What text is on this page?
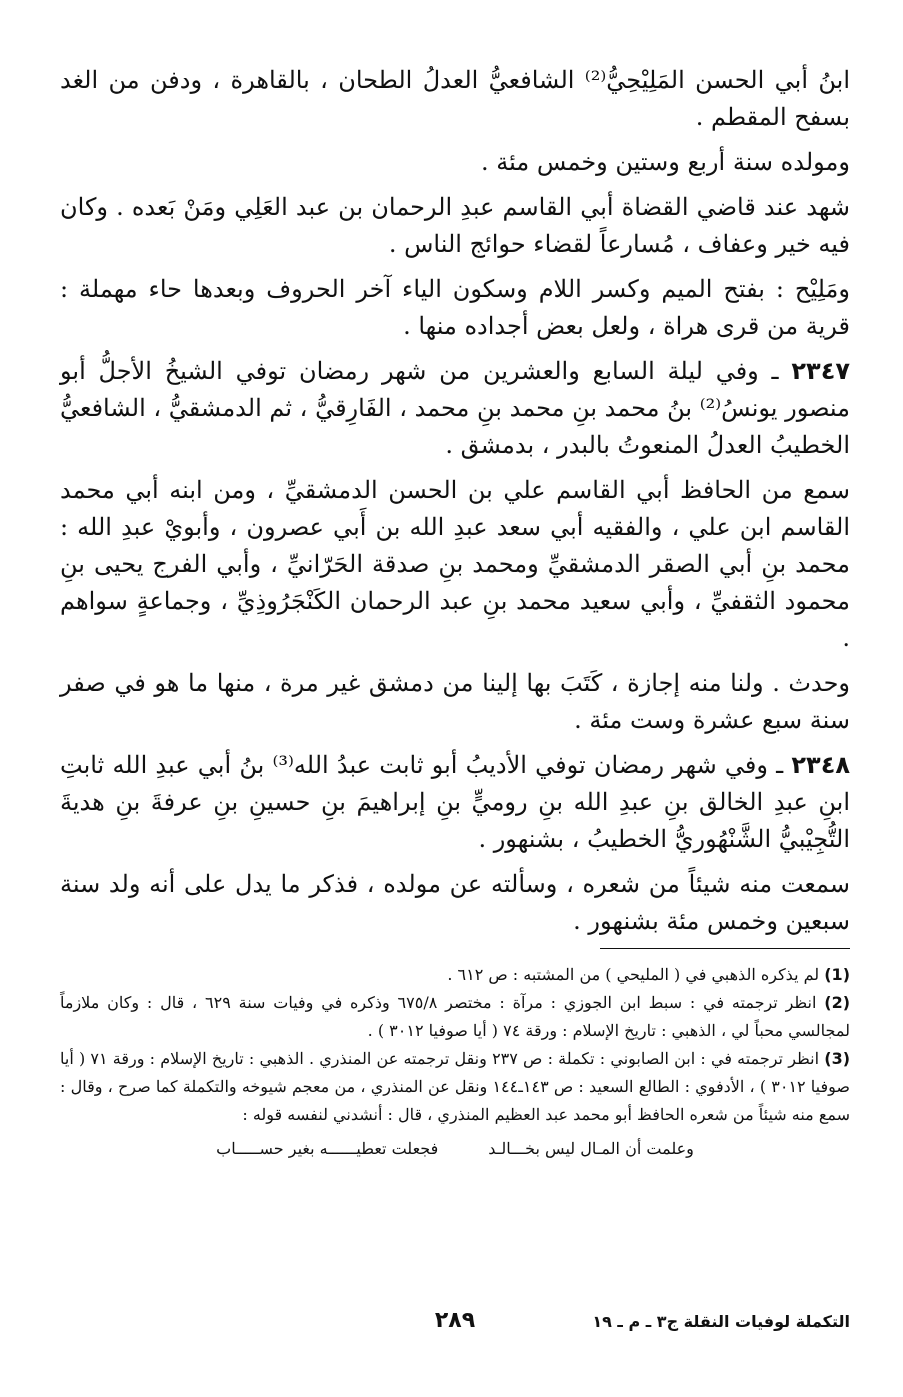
ابنُ أبي الحسن المَلِيْحِيُّ⁽²⁾ الشافعيُّ العدلُ الطحان ، بالقاهرة ، ودفن من الغد بسفح المقطم .

ومولده سنة أربع وستين وخمس مئة .

شهد عند قاضي القضاة أبي القاسم عبدِ الرحمان بن عبد العَلِي ومَنْ بَعده . وكان فيه خير وعفاف ، مُسارعاً لقضاء حوائج الناس .

ومَلِيْح : بفتح الميم وكسر اللام وسكون الياء آخر الحروف وبعدها حاء مهملة : قرية من قرى هراة ، ولعل بعض أجداده منها .

٢٣٤٧ ـ وفي ليلة السابع والعشرين من شهر رمضان توفي الشيخُ الأجلُّ أبو منصور يونسُ⁽²⁾ بنُ محمد بنِ محمد بنِ محمد ، الفَارِقيُّ ، ثم الدمشقيُّ ، الشافعيُّ الخطيبُ العدلُ المنعوتُ بالبدر ، بدمشق .

سمع من الحافظ أبي القاسم علي بن الحسن الدمشقيِّ ، ومن ابنه أبي محمد القاسم ابن علي ، والفقيه أبي سعد عبدِ الله بن أَبي عصرون ، وأبويْ عبدِ الله : محمد بنِ أبي الصقر الدمشقيِّ ومحمد بنِ صدقة الحَرّانيِّ ، وأبي الفرج يحيى بنِ محمود الثقفيِّ ، وأبي سعيد محمد بنِ عبد الرحمان الكَنْجَرُوذِيِّ ، وجماعةٍ سواهم .

وحدث . ولنا منه إجازة ، كَتَبَ بها إلينا من دمشق غير مرة ، منها ما هو في صفر سنة سبع عشرة وست مئة .

٢٣٤٨ ـ وفي شهر رمضان توفي الأديبُ أبو ثابت عبدُ الله⁽³⁾ بنُ أبي عبدِ الله ثابتِ ابنِ عبدِ الخالق بنِ عبدِ الله بنِ روميٍّ بنِ إبراهيمَ بنِ حسينِ بنِ عرفةَ بنِ هديةَ التُّجِيْبيُّ الشَّنْهُوريُّ الخطيبُ ، بشنهور .

سمعت منه شيئاً من شعره ، وسألته عن مولده ، فذكر ما يدل على أنه ولد سنة سبعين وخمس مئة بشنهور .

(1) لم يذكره الذهبي في ( المليحي ) من المشتبه : ص ٦١٢ .

(2) انظر ترجمته في : سبط ابن الجوزي : مرآة : مختصر ٦٧٥/٨ وذكره في وفيات سنة ٦٢٩ ، قال : وكان ملازماً لمجالسي محباً لي ، الذهبي : تاريخ الإسلام : ورقة ٧٤ ( أيا صوفيا ٣٠١٢ ) .

(3) انظر ترجمته في : ابن الصابوني : تكملة : ص ٢٣٧ ونقل ترجمته عن المنذري . الذهبي : تاريخ الإسلام : ورقة ٧١ ( أيا صوفيا ٣٠١٢ ) ، الأدفوي : الطالع السعيد : ص ١٤٣ـ١٤٤ ونقل عن المنذري ، من معجم شيوخه والتكملة كما صرح ، وقال : سمع منه شيئاً من شعره الحافظ أبو محمد عبد العظيم المنذري ، قال : أنشدني لنفسه قوله :

وعلمت أن المـال ليس بخـــالـد
فجعلت تعطيــــــه بغير حســـــاب
التكملة لوفيات النقلة ج٣ ـ م ـ ١٩
٢٨٩
